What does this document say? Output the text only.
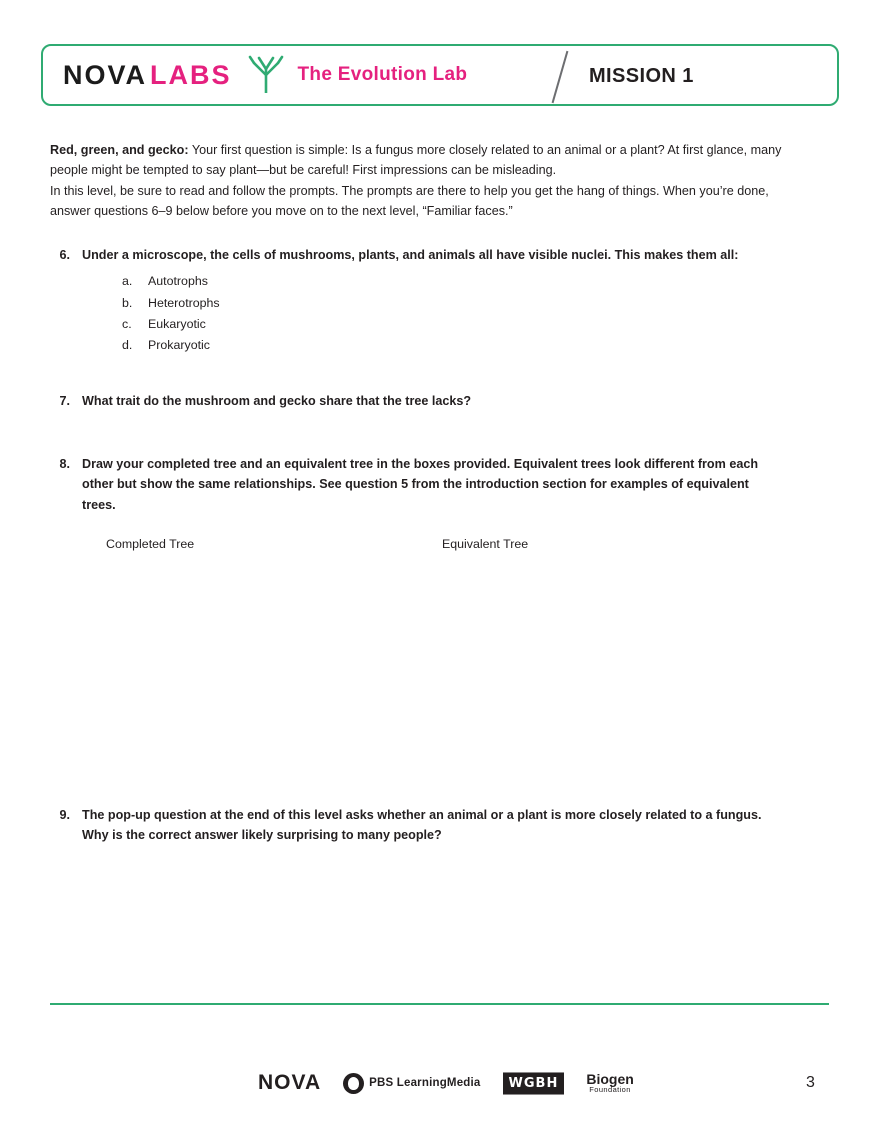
NOVA LABS	The Evolution Lab	MISSION 1
Red, green, and gecko: Your first question is simple: Is a fungus more closely related to an animal or a plant? At first glance, many people might be tempted to say plant—but be careful! First impressions can be misleading.
In this level, be sure to read and follow the prompts. The prompts are there to help you get the hang of things. When you’re done, answer questions 6–9 below before you move on to the next level, “Familiar faces.”
6. Under a microscope, the cells of mushrooms, plants, and animals all have visible nuclei. This makes them all:
a.	Autotrophs
b.	Heterotrophs
c.	Eukaryotic
d.	Prokaryotic
7. What trait do the mushroom and gecko share that the tree lacks?
8. Draw your completed tree and an equivalent tree in the boxes provided. Equivalent trees look different from each other but show the same relationships. See question 5 from the introduction section for examples of equivalent trees.
Completed Tree	Equivalent Tree
9. The pop-up question at the end of this level asks whether an animal or a plant is more closely related to a fungus. Why is the correct answer likely surprising to many people?
NOVA	PBS LearningMedia	WGBH	Biogen
Foundation	3
